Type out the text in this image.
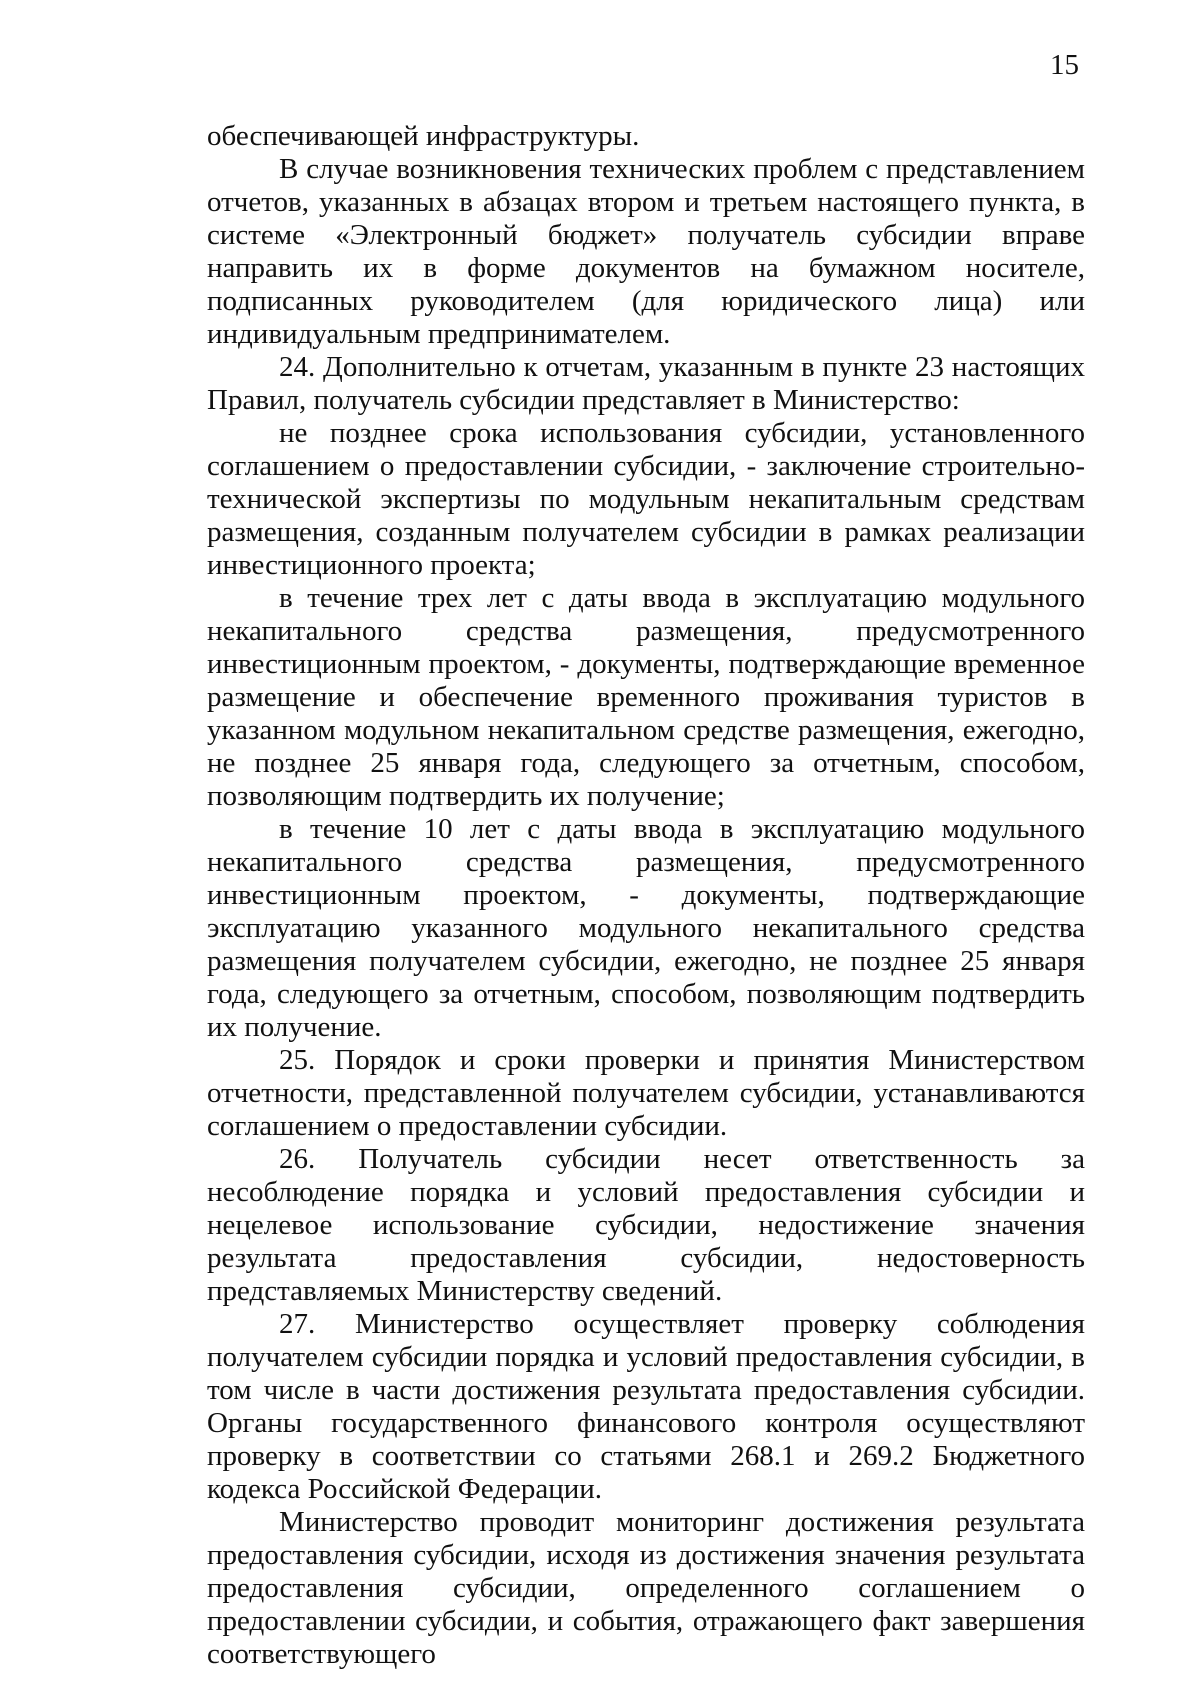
15

обеспечивающей инфраструктуры.

В случае возникновения технических проблем с представлением отчетов, указанных в абзацах втором и третьем настоящего пункта, в системе «Электронный бюджет» получатель субсидии вправе направить их в форме документов на бумажном носителе, подписанных руководителем (для юридического лица) или индивидуальным предпринимателем.

24. Дополнительно к отчетам, указанным в пункте 23 настоящих Правил, получатель субсидии представляет в Министерство:

не позднее срока использования субсидии, установленного соглашением о предоставлении субсидии, - заключение строительно-технической экспертизы по модульным некапитальным средствам размещения, созданным получателем субсидии в рамках реализации инвестиционного проекта;

в течение трех лет с даты ввода в эксплуатацию модульного некапитального средства размещения, предусмотренного инвестиционным проектом, - документы, подтверждающие временное размещение и обеспечение временного проживания туристов в указанном модульном некапитальном средстве размещения, ежегодно, не позднее 25 января года, следующего за отчетным, способом, позволяющим подтвердить их получение;

в течение 10 лет с даты ввода в эксплуатацию модульного некапитального средства размещения, предусмотренного инвестиционным проектом, - документы, подтверждающие эксплуатацию указанного модульного некапитального средства размещения получателем субсидии, ежегодно, не позднее 25 января года, следующего за отчетным, способом, позволяющим подтвердить их получение.

25. Порядок и сроки проверки и принятия Министерством отчетности, представленной получателем субсидии, устанавливаются соглашением о предоставлении субсидии.

26. Получатель субсидии несет ответственность за несоблюдение порядка и условий предоставления субсидии и нецелевое использование субсидии, недостижение значения результата предоставления субсидии, недостоверность представляемых Министерству сведений.

27. Министерство осуществляет проверку соблюдения получателем субсидии порядка и условий предоставления субсидии, в том числе в части достижения результата предоставления субсидии. Органы государственного финансового контроля осуществляют проверку в соответствии со статьями 268.1 и 269.2 Бюджетного кодекса Российской Федерации.

Министерство проводит мониторинг достижения результата предоставления субсидии, исходя из достижения значения результата предоставления субсидии, определенного соглашением о предоставлении субсидии, и события, отражающего факт завершения соответствующего
